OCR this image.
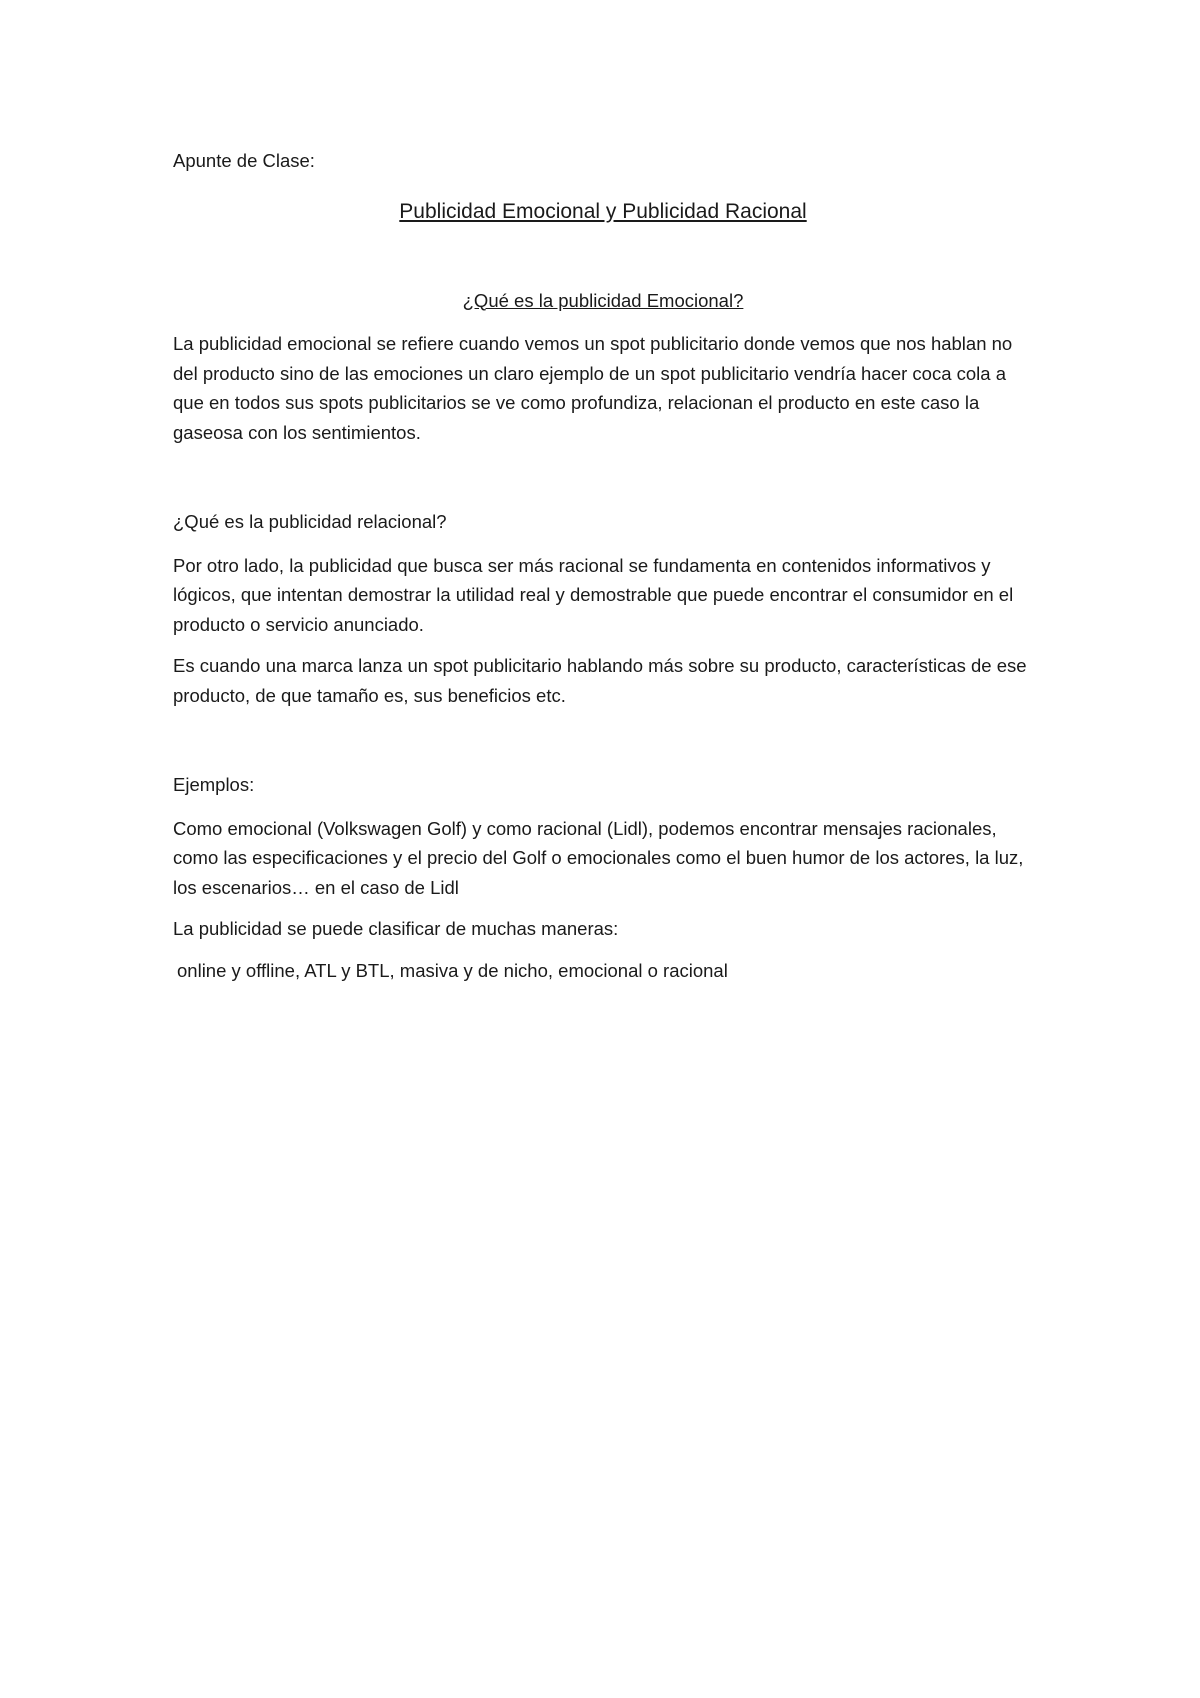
Apunte de Clase:

Publicidad Emocional y Publicidad Racional

¿Qué es la publicidad Emocional?

La publicidad emocional se refiere cuando vemos un spot publicitario donde vemos que nos hablan no del producto sino de las emociones un claro ejemplo de un spot publicitario vendría hacer coca cola a que en todos sus spots publicitarios se ve como profundiza, relacionan el producto en este caso la gaseosa con los sentimientos.

¿Qué es la publicidad relacional?

Por otro lado, la publicidad que busca ser más racional se fundamenta en contenidos informativos y lógicos, que intentan demostrar la utilidad real y demostrable que puede encontrar el consumidor en el producto o servicio anunciado.

Es cuando una marca lanza un spot publicitario hablando más sobre su producto, características de ese producto, de que tamaño es, sus beneficios etc.

Ejemplos:

Como emocional (Volkswagen Golf) y como racional (Lidl), podemos encontrar mensajes racionales, como las especificaciones y el precio del Golf o emocionales como el buen humor de los actores, la luz, los escenarios… en el caso de Lidl

La publicidad se puede clasificar de muchas maneras:

online y offline, ATL y BTL, masiva y de nicho, emocional o racional
